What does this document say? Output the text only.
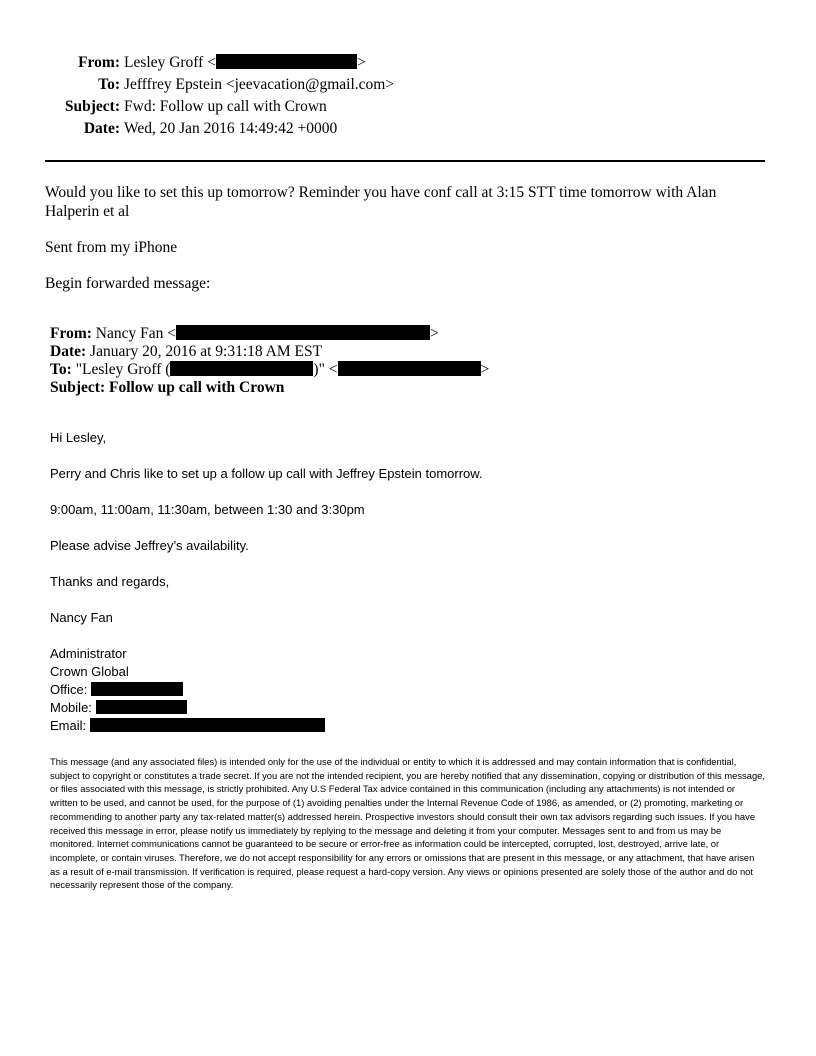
From: Lesley Groff <	>
To: Jefffrey Epstein <jeevacation@gmail.com>
Subject: Fwd: Follow up call with Crown
Date: Wed, 20 Jan 2016 14:49:42 +0000
Would you like to set this up tomorrow? Reminder you have conf call at 3:15 STT time tomorrow with Alan
Halperin et al
Sent from my iPhone
Begin forwarded message:
From: Nancy Fan <	>
Date: January 20, 2016 at 9:31:18 AM EST
To: "Lesley Groff (	)" <	>
Subject: Follow up call with Crown
Hi Lesley,
Perry and Chris like to set up a follow up call with Jeffrey Epstein tomorrow.
9:00am, 11:00am, 11:30am, between 1:30 and 3:30pm
Please advise Jeffrey’s availability.
Thanks and regards,
Nancy Fan
Administrator
Crown Global
Office:
Mobile:
Email:
This message (and any associated files) is intended only for the use of the individual or entity to which it is addressed and may contain information that is confidential, subject to copyright or constitutes a trade secret. If you are not the intended recipient, you are hereby notified that any dissemination, copying or distribution of this message, or files associated with this message, is strictly prohibited. Any U.S Federal Tax advice contained in this communication (including any attachments) is not intended or written to be used, and cannot be used, for the purpose of (1) avoiding penalties under the Internal Revenue Code of 1986, as amended, or (2) promoting, marketing or recommending to another party any tax-related matter(s) addressed herein. Prospective investors should consult their own tax advisors regarding such issues. If you have received this message in error, please notify us immediately by replying to the message and deleting it from your computer. Messages sent to and from us may be monitored. Internet communications cannot be guaranteed to be secure or error-free as information could be intercepted, corrupted, lost, destroyed, arrive late, or incomplete, or contain viruses. Therefore, we do not accept responsibility for any errors or omissions that are present in this message, or any attachment, that have arisen as a result of e-mail transmission. If verification is required, please request a hard-copy version. Any views or opinions presented are solely those of the author and do not necessarily represent those of the company.
